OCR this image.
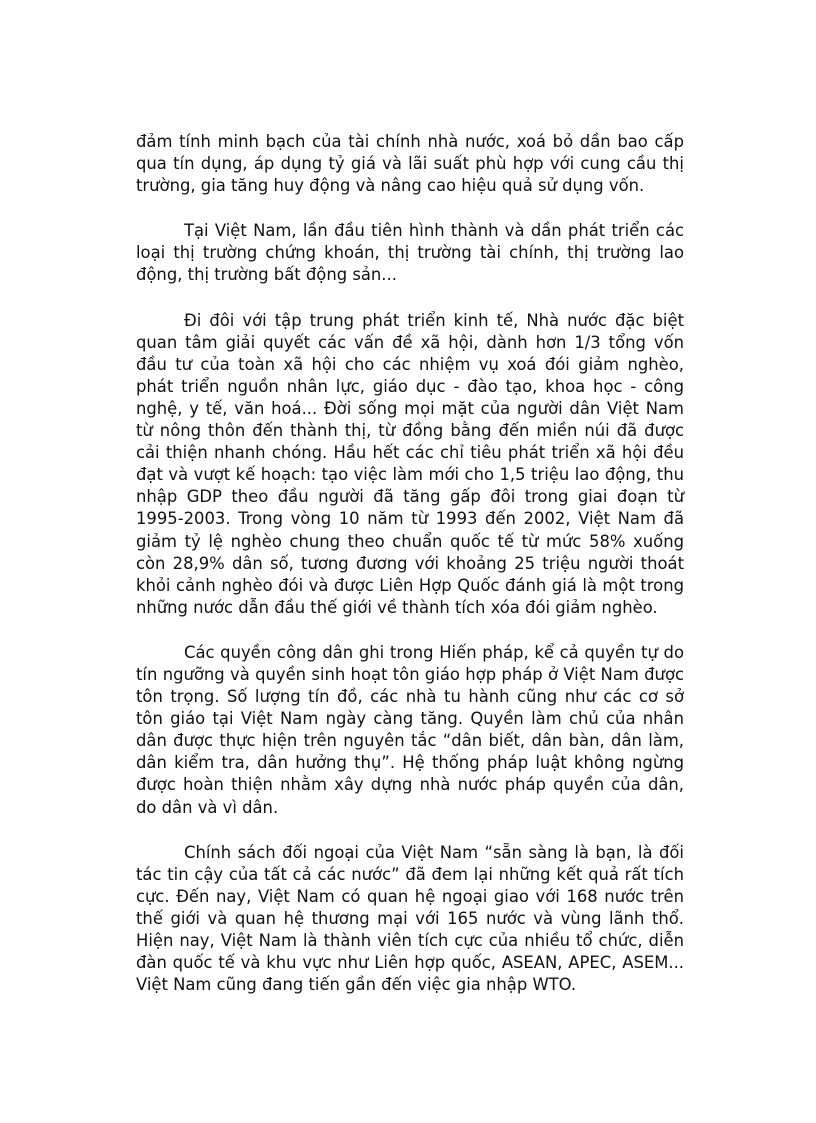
đảm tính minh bạch của tài chính nhà nước, xoá bỏ dần bao cấp qua tín dụng, áp dụng tỷ giá và lãi suất phù hợp với cung cầu thị trường, gia tăng huy động và nâng cao hiệu quả sử dụng vốn.

Tại Việt Nam, lần đầu tiên hình thành và dần phát triển các loại thị trường chứng khoán, thị trường tài chính, thị trường lao động, thị trường bất động sản...

Đi đôi với tập trung phát triển kinh tế, Nhà nước đặc biệt quan tâm giải quyết các vấn đề xã hội, dành hơn 1/3 tổng vốn đầu tư của toàn xã hội cho các nhiệm vụ xoá đói giảm nghèo, phát triển nguồn nhân lực, giáo dục - đào tạo, khoa học - công nghệ, y tế, văn hoá... Đời sống mọi mặt của người dân Việt Nam từ nông thôn đến thành thị, từ đồng bằng đến miền núi đã được cải thiện nhanh chóng. Hầu hết các chỉ tiêu phát triển xã hội đều đạt và vượt kế hoạch: tạo việc làm mới cho 1,5 triệu lao động, thu nhập GDP theo đầu người đã tăng gấp đôi trong giai đoạn từ 1995-2003. Trong vòng 10 năm từ 1993 đến 2002, Việt Nam đã giảm tỷ lệ nghèo chung theo chuẩn quốc tế từ mức 58% xuống còn 28,9% dân số, tương đương với khoảng 25 triệu người thoát khỏi cảnh nghèo đói và được Liên Hợp Quốc đánh giá là một trong những nước dẫn đầu thế giới về thành tích xóa đói giảm nghèo.

Các quyền công dân ghi trong Hiến pháp, kể cả quyền tự do tín ngưỡng và quyền sinh hoạt tôn giáo hợp pháp ở Việt Nam được tôn trọng. Số lượng tín đồ, các nhà tu hành cũng như các cơ sở tôn giáo tại Việt Nam ngày càng tăng. Quyền làm chủ của nhân dân được thực hiện trên nguyên tắc “dân biết, dân bàn, dân làm, dân kiểm tra, dân hưởng thụ”. Hệ thống pháp luật không ngừng được hoàn thiện nhằm xây dựng nhà nước pháp quyền của dân, do dân và vì dân.

Chính sách đối ngoại của Việt Nam “sẵn sàng là bạn, là đối tác tin cậy của tất cả các nước” đã đem lại những kết quả rất tích cực. Đến nay, Việt Nam có quan hệ ngoại giao với 168 nước trên thế giới và quan hệ thương mại với 165 nước và vùng lãnh thổ. Hiện nay, Việt Nam là thành viên tích cực của nhiều tổ chức, diễn đàn quốc tế và khu vực như Liên hợp quốc, ASEAN, APEC, ASEM... Việt Nam cũng đang tiến gần đến việc gia nhập WTO.
